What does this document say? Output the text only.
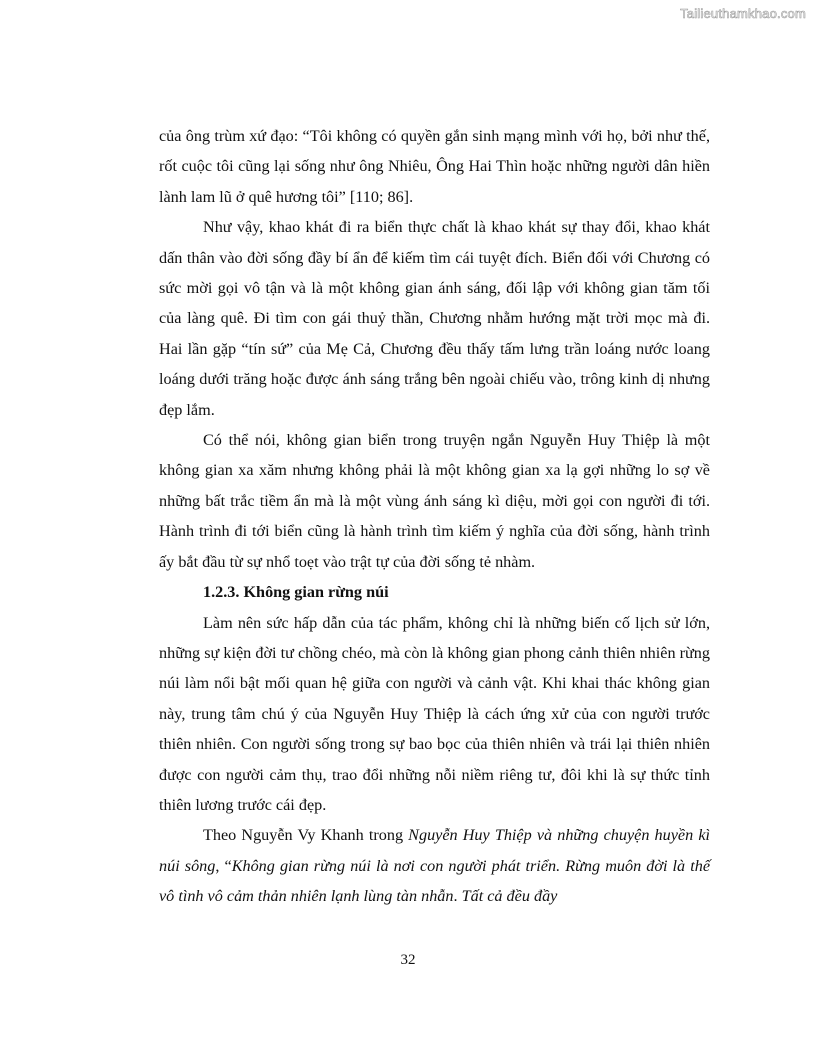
Tailieuthamkhao.com

của ông trùm xứ đạo: “Tôi không có quyền gắn sinh mạng mình với họ, bởi như thế, rốt cuộc tôi cũng lại sống như ông Nhiêu, Ông Hai Thìn hoặc những người dân hiền lành lam lũ ở quê hương tôi” [110; 86].

Như vậy, khao khát đi ra biển thực chất là khao khát sự thay đổi, khao khát dấn thân vào đời sống đầy bí ẩn để kiếm tìm cái tuyệt đích. Biển đối với Chương có sức mời gọi vô tận và là một không gian ánh sáng, đối lập với không gian tăm tối của làng quê. Đi tìm con gái thuỷ thần, Chương nhằm hướng mặt trời mọc mà đi. Hai lần gặp “tín sứ” của Mẹ Cả, Chương đều thấy tấm lưng trần loáng nước loang loáng dưới trăng hoặc được ánh sáng trắng bên ngoài chiếu vào, trông kinh dị nhưng đẹp lắm.

Có thể nói, không gian biển trong truyện ngắn Nguyễn Huy Thiệp là một không gian xa xăm nhưng không phải là một không gian xa lạ gợi những lo sợ về những bất trắc tiềm ẩn mà là một vùng ánh sáng kì diệu, mời gọi con người đi tới. Hành trình đi tới biển cũng là hành trình tìm kiếm ý nghĩa của đời sống, hành trình ấy bắt đầu từ sự nhổ toẹt vào trật tự của đời sống tẻ nhàm.

1.2.3. Không gian rừng núi

Làm nên sức hấp dẫn của tác phẩm, không chỉ là những biến cố lịch sử lớn, những sự kiện đời tư chồng chéo, mà còn là không gian phong cảnh thiên nhiên rừng núi làm nổi bật mối quan hệ giữa con người và cảnh vật. Khi khai thác không gian này, trung tâm chú ý của Nguyễn Huy Thiệp là cách ứng xử của con người trước thiên nhiên. Con người sống trong sự bao bọc của thiên nhiên và trái lại thiên nhiên được con người cảm thụ, trao đổi những nỗi niềm riêng tư, đôi khi là sự thức tỉnh thiên lương trước cái đẹp.

Theo Nguyễn Vy Khanh trong Nguyễn Huy Thiệp và những chuyện huyền kì núi sông, “Không gian rừng núi là nơi con người phát triển. Rừng muôn đời là thế vô tình vô cảm thản nhiên lạnh lùng tàn nhẫn. Tất cả đều đầy

32
